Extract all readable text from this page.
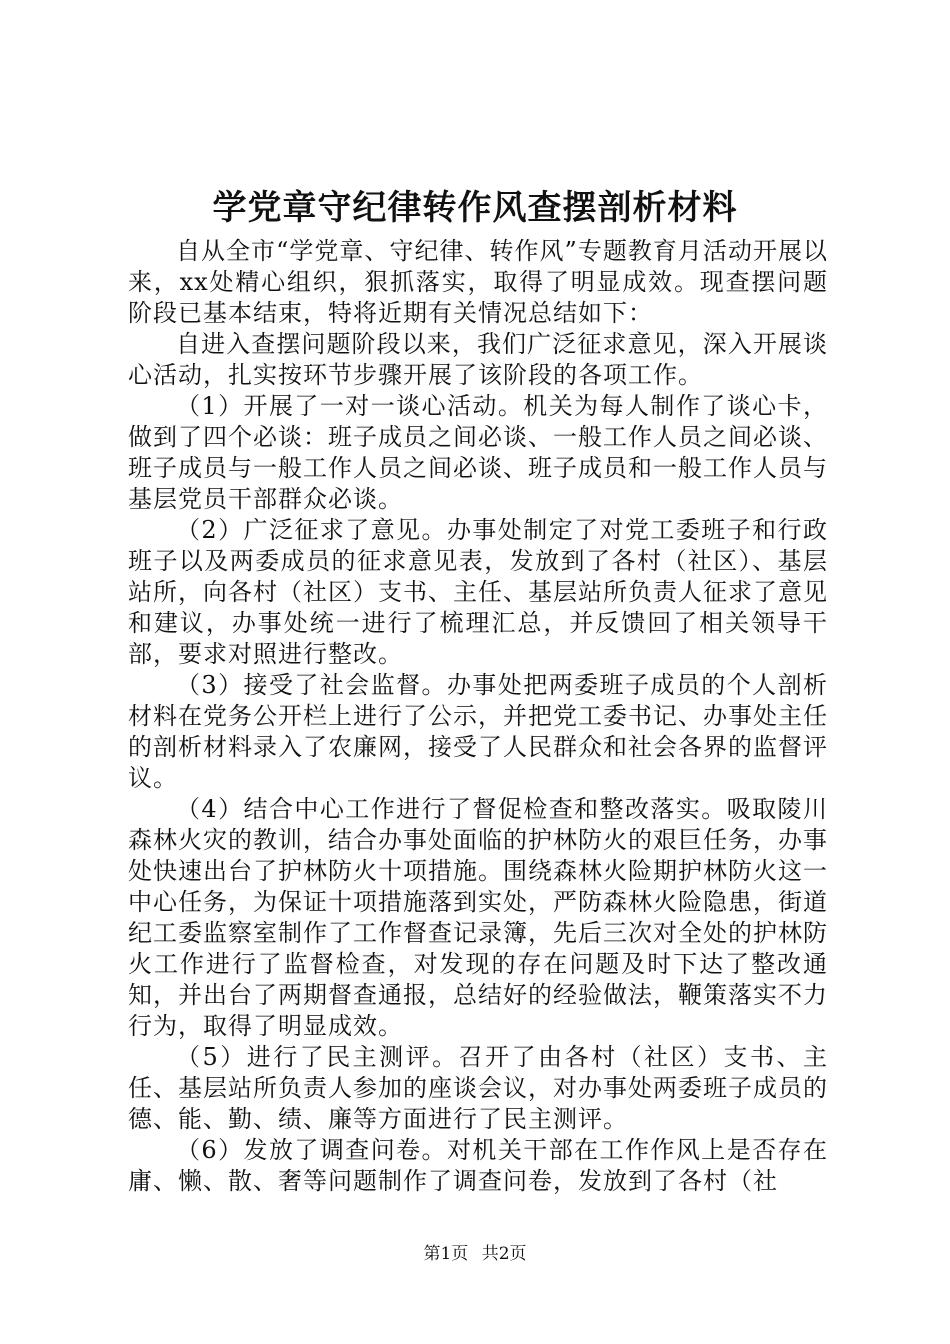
学党章守纪律转作风查摆剖析材料

自从全市“学党章、守纪律、转作风”专题教育月活动开展以来，xx处精心组织，狠抓落实，取得了明显成效。现查摆问题阶段已基本结束，特将近期有关情况总结如下：

自进入查摆问题阶段以来，我们广泛征求意见，深入开展谈心活动，扎实按环节步骤开展了该阶段的各项工作。

（1）开展了一对一谈心活动。机关为每人制作了谈心卡，做到了四个必谈：班子成员之间必谈、一般工作人员之间必谈、班子成员与一般工作人员之间必谈、班子成员和一般工作人员与基层党员干部群众必谈。

（2）广泛征求了意见。办事处制定了对党工委班子和行政班子以及两委成员的征求意见表，发放到了各村（社区）、基层站所，向各村（社区）支书、主任、基层站所负责人征求了意见和建议，办事处统一进行了梳理汇总，并反馈回了相关领导干部，要求对照进行整改。

（3）接受了社会监督。办事处把两委班子成员的个人剖析材料在党务公开栏上进行了公示，并把党工委书记、办事处主任的剖析材料录入了农廉网，接受了人民群众和社会各界的监督评议。

（4）结合中心工作进行了督促检查和整改落实。吸取陵川森林火灾的教训，结合办事处面临的护林防火的艰巨任务，办事处快速出台了护林防火十项措施。围绕森林火险期护林防火这一中心任务，为保证十项措施落到实处，严防森林火险隐患，街道纪工委监察室制作了工作督查记录簿，先后三次对全处的护林防火工作进行了监督检查，对发现的存在问题及时下达了整改通知，并出台了两期督查通报，总结好的经验做法，鞭策落实不力行为，取得了明显成效。

（5）进行了民主测评。召开了由各村（社区）支书、主任、基层站所负责人参加的座谈会议，对办事处两委班子成员的德、能、勤、绩、廉等方面进行了民主测评。

（6）发放了调查问卷。对机关干部在工作作风上是否存在庸、懒、散、奢等问题制作了调查问卷，发放到了各村（社

第1页 共2页
